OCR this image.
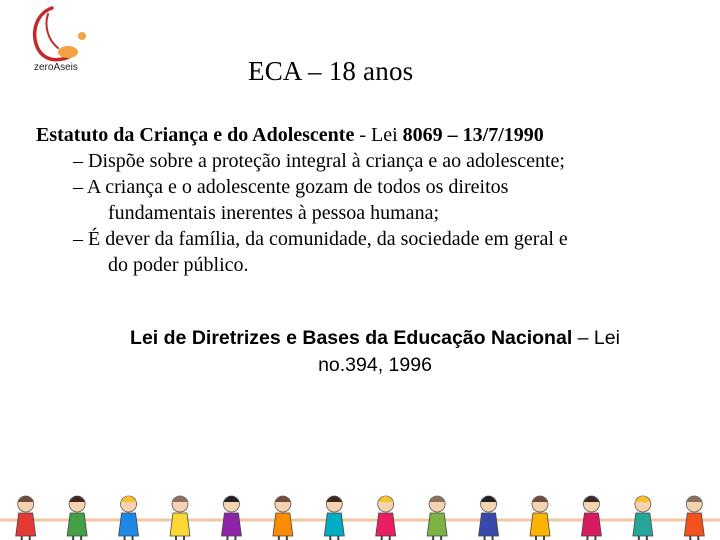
zeroAseis	ECA – 18 anos
Estatuto da Criança e do Adolescente - Lei 8069 – 13/7/1990
– Dispõe sobre a proteção integral à criança e ao adolescente;
– A criança e o adolescente gozam de todos os direitos
fundamentais inerentes à pessoa humana;
– É dever da família, da comunidade, da sociedade em geral e
do poder público.
Lei de Diretrizes e Bases da Educação Nacional – Lei
no.394, 1996
